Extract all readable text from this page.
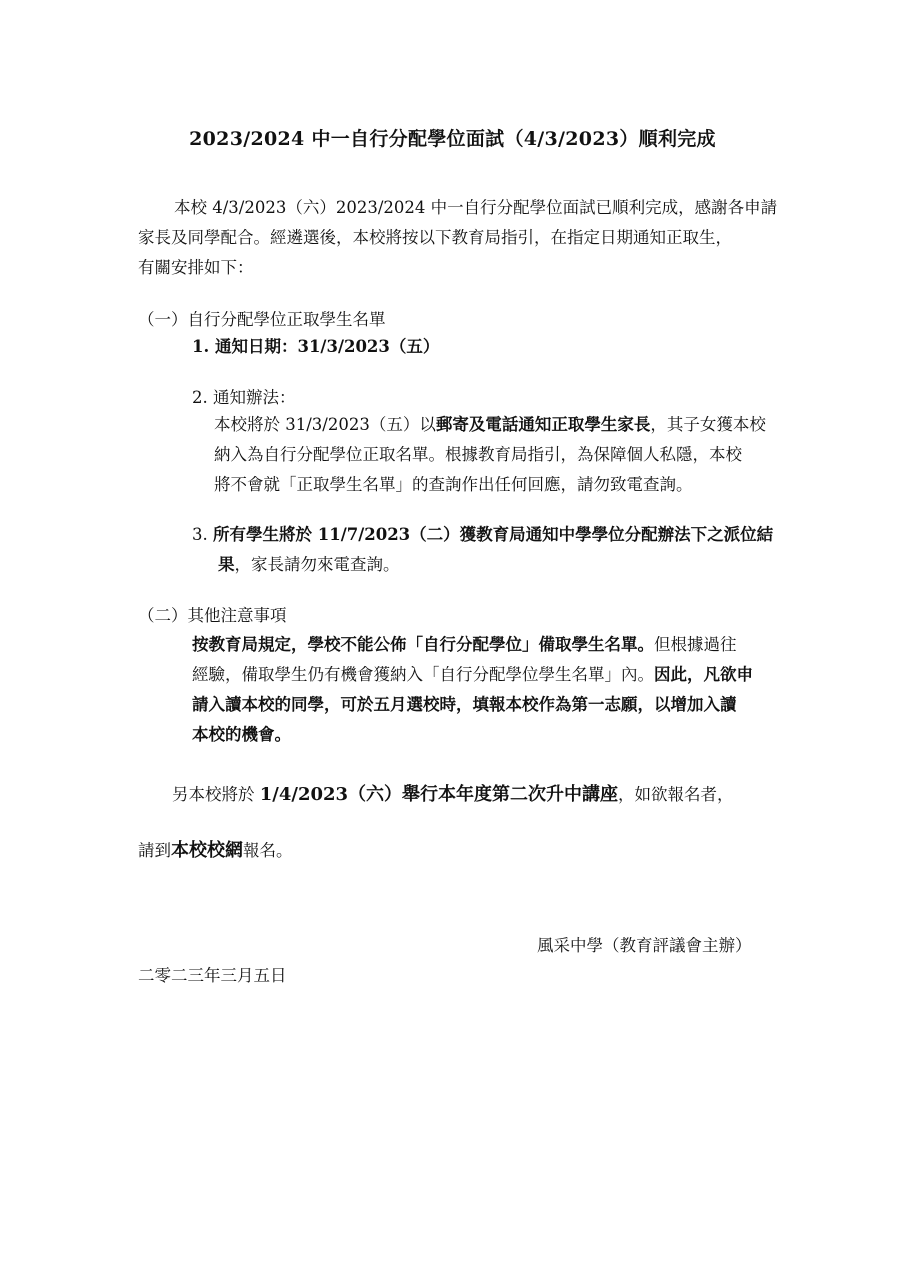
2023/2024 中一自行分配學位面試（4/3/2023）順利完成
本校 4/3/2023（六）2023/2024 中一自行分配學位面試已順利完成，感謝各申請
家長及同學配合。經遴選後，本校將按以下教育局指引，在指定日期通知正取生，
有關安排如下：
（一）自行分配學位正取學生名單
1. 通知日期：31/3/2023（五）
2. 通知辦法：
本校將於 31/3/2023（五）以郵寄及電話通知正取學生家長，其子女獲本校
納入為自行分配學位正取名單。根據教育局指引，為保障個人私隱，本校
將不會就「正取學生名單」的查詢作出任何回應，請勿致電查詢。
3. 所有學生將於 11/7/2023（二）獲教育局通知中學學位分配辦法下之派位結
果，家長請勿來電查詢。
（二）其他注意事項
按教育局規定，學校不能公佈「自行分配學位」備取學生名單。但根據過往
經驗，備取學生仍有機會獲納入「自行分配學位學生名單」內。因此，凡欲申
請入讀本校的同學，可於五月選校時，填報本校作為第一志願，以增加入讀
本校的機會。
另本校將於 1/4/2023（六）舉行本年度第二次升中講座，如欲報名者，
請到本校校網報名。
風采中學（教育評議會主辦）
二零二三年三月五日
